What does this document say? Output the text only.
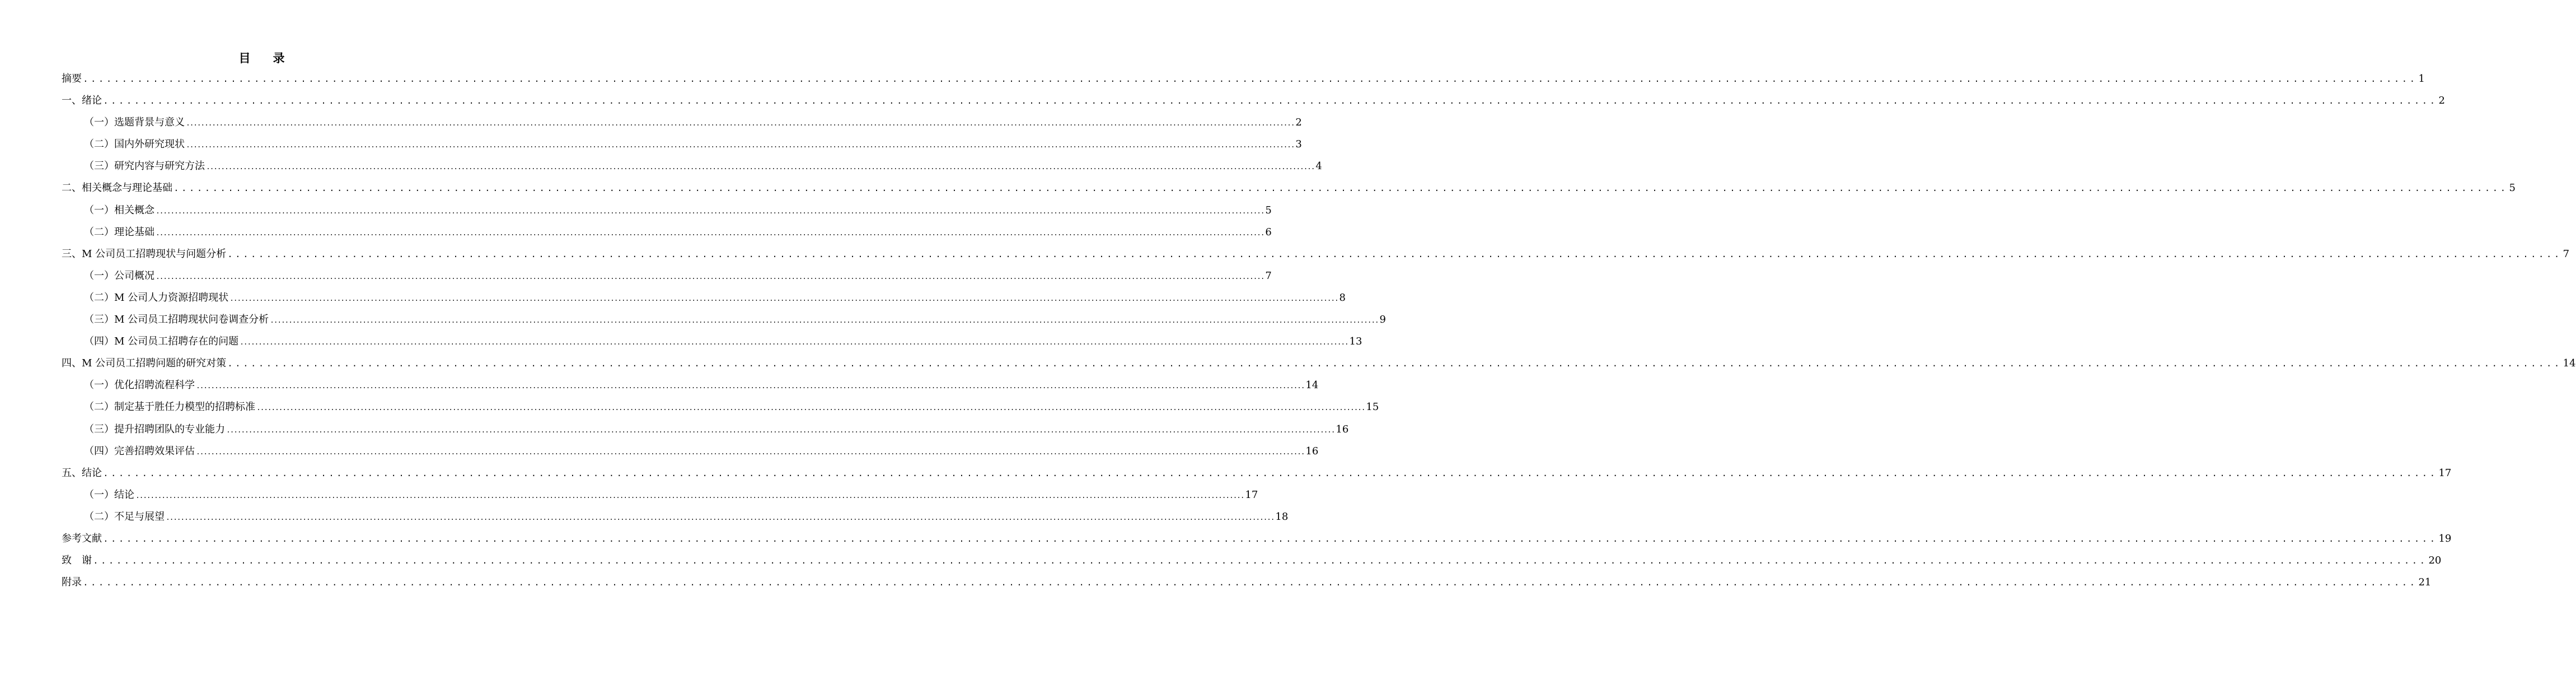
目录
摘要 ............................................................................................................................................................................................................................................................................................................ 1
一、绪论 ............................................................................................................................................................................................................................................................................................................ 2
（一）选题背景与意义 ............................................................................................................................................................................................................................................................................................................ 2
（二）国内外研究现状 ............................................................................................................................................................................................................................................................................................................ 3
（三）研究内容与研究方法 ............................................................................................................................................................................................................................................................................................................ 4
二、相关概念与理论基础 ............................................................................................................................................................................................................................................................................................................ 5
（一）相关概念 ............................................................................................................................................................................................................................................................................................................ 5
（二）理论基础 ............................................................................................................................................................................................................................................................................................................ 6
三、M 公司员工招聘现状与问题分析 ............................................................................................................................................................................................................................................................................................................ 7
（一）公司概况 ............................................................................................................................................................................................................................................................................................................ 7
（二）M 公司人力资源招聘现状 ............................................................................................................................................................................................................................................................................................................ 8
（三）M 公司员工招聘现状问卷调查分析 ............................................................................................................................................................................................................................................................................................................ 9
（四）M 公司员工招聘存在的问题 ............................................................................................................................................................................................................................................................................................................ 13
四、M 公司员工招聘问题的研究对策 ............................................................................................................................................................................................................................................................................................................ 14
（一）优化招聘流程科学 ............................................................................................................................................................................................................................................................................................................ 14
（二）制定基于胜任力模型的招聘标准 ............................................................................................................................................................................................................................................................................................................ 15
（三）提升招聘团队的专业能力 ............................................................................................................................................................................................................................................................................................................ 16
（四）完善招聘效果评估 ............................................................................................................................................................................................................................................................................................................ 16
五、结论 ............................................................................................................................................................................................................................................................................................................ 17
（一）结论 ............................................................................................................................................................................................................................................................................................................ 17
（二）不足与展望 ............................................................................................................................................................................................................................................................................................................ 18
参考文献 ............................................................................................................................................................................................................................................................................................................ 19
致　谢 ............................................................................................................................................................................................................................................................................................................ 20
附录 ............................................................................................................................................................................................................................................................................................................ 21
